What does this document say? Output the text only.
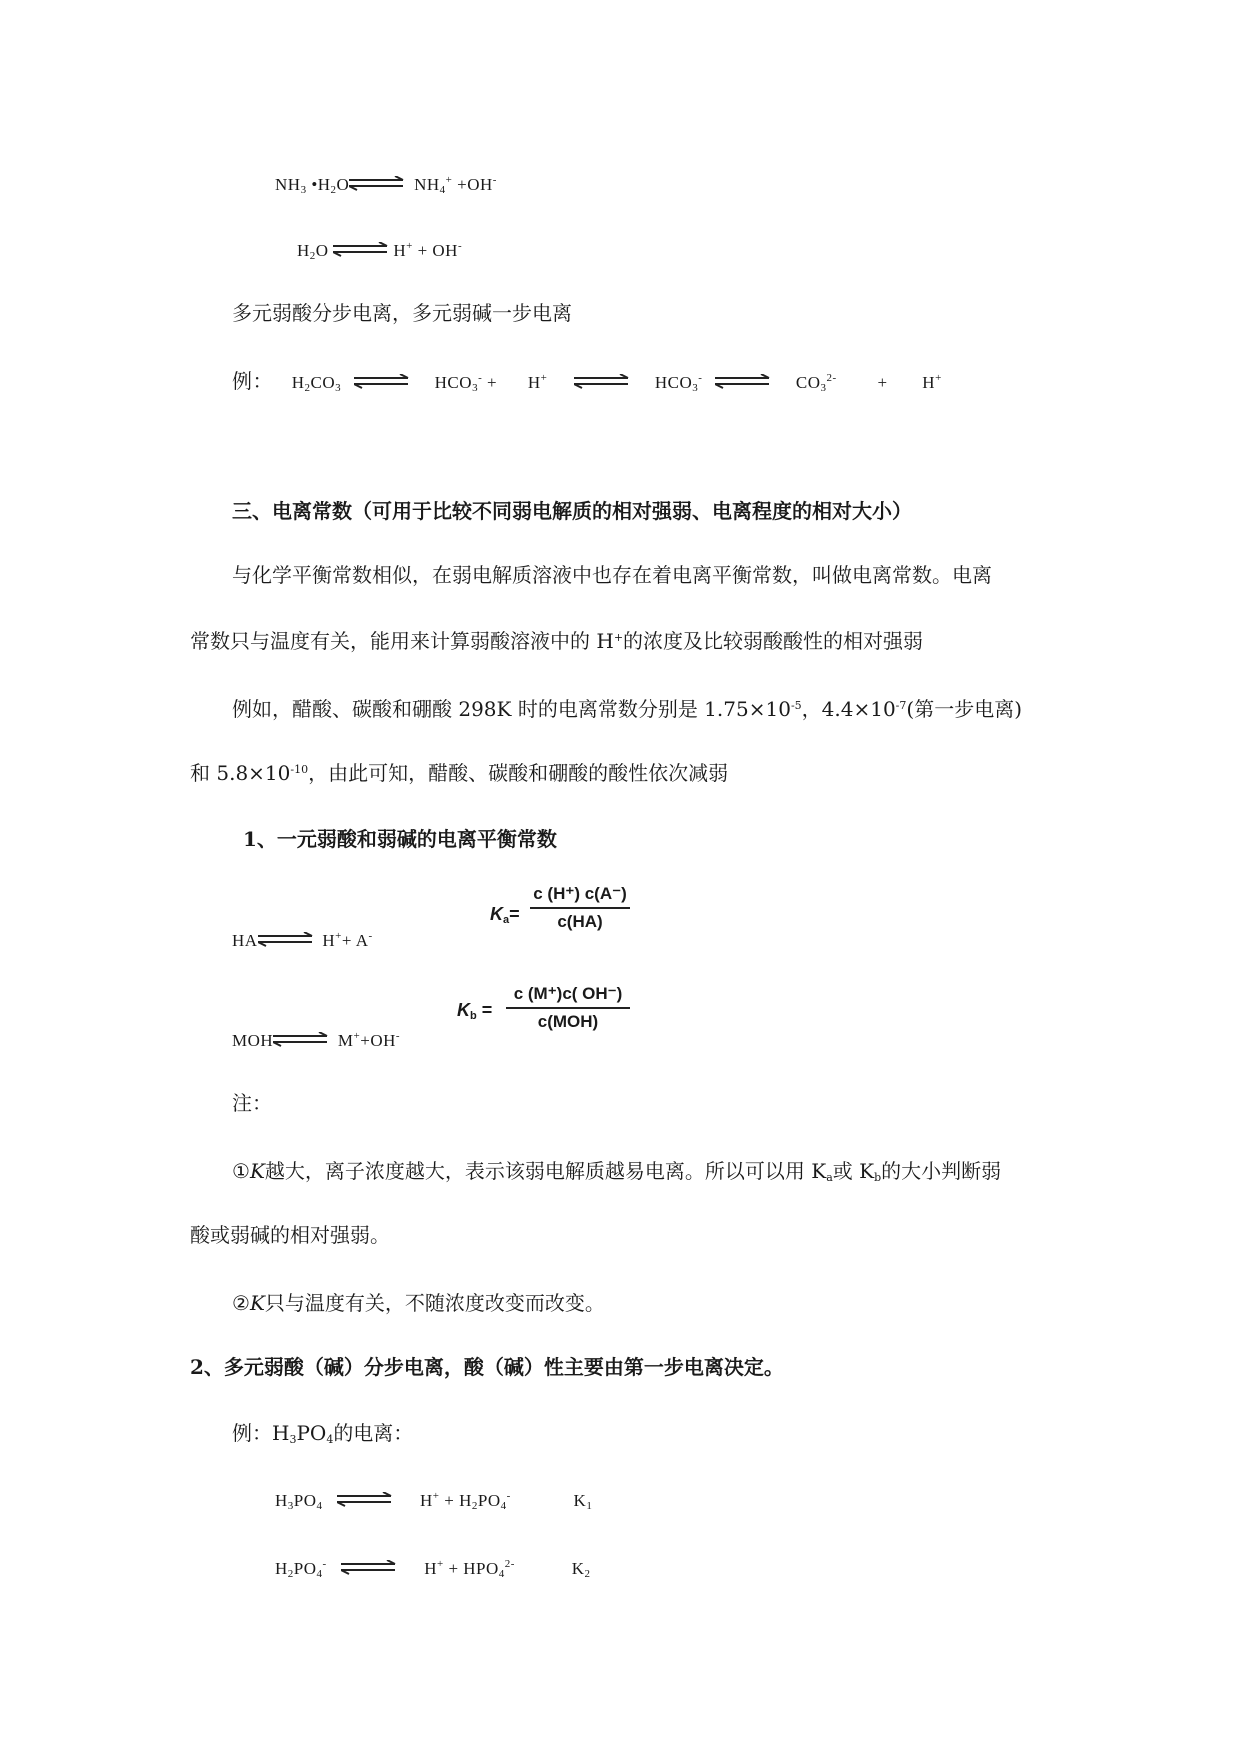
$NH_3$ $•H_2O$	$NH_4^+ +OH^-$
$H_2O$	H+ + OH-
多元弱酸分步电离，多元弱碱一步电离
例： $H_2CO_3$	$HCO_3^- + H^+$	$HCO_3^-$	$CO_3^{2-} + H^+$
三、电离常数（可用于比较不同弱电解质的相对强弱、电离程度的相对大小）
与化学平衡常数相似，在弱电解质溶液中也存在着电离平衡常数，叫做电离常数。电离
常数只与温度有关，能用来计算弱酸溶液中的 H+的浓度及比较弱酸酸性的相对强弱
例如，醋酸、碳酸和硼酸 298K 时的电离常数分别是 $1.75\times 10^{-5}$，$4.4\times 10^{-7}$(第一步电离)
和 $5.8\times 10^{-10}$，由此可知，醋酸、碳酸和硼酸的酸性依次减弱
1、一元弱酸和弱碱的电离平衡常数
HA	H++ A-
$K_a=$
c (H⁺) c(A⁻)
c(HA)
MOH	M++OH-
$K_b$ =
c (M⁺)c( OH⁻)
c(MOH)
注：
①K越大，离子浓度越大，表示该弱电解质越易电离。所以可以用 $K_a$或 $K_b$的大小判断弱
酸或弱碱的相对强弱。
②K只与温度有关，不随浓度改变而改变。
2、多元弱酸（碱）分步电离，酸（碱）性主要由第一步电离决定。
例：$H_3PO_4$的电离：
$H_3PO_4$	$H^+ + H_2PO_4^-$	$K_1$
$H_2PO_4^-$	$H^+ + HPO_4^{2-}$	$K_2$
